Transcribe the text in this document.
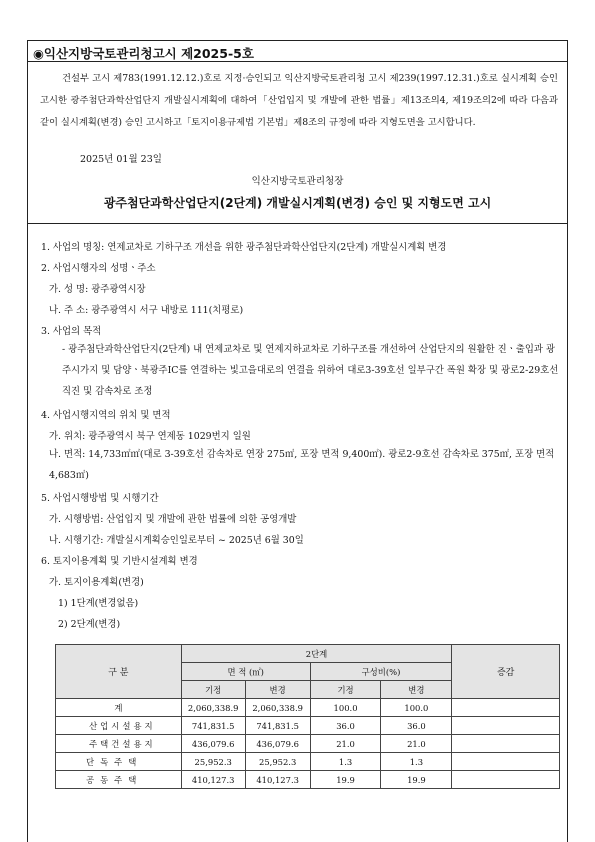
◉익산지방국토관리청고시 제2025-5호
건설부 고시 제783(1991.12.12.)호로 지정·승인되고 익산지방국토관리청 고시 제239(1997.12.31.)호로 실시계획 승인 고시한 광주첨단과학산업단지 개발실시계획에 대하여「산업입지 및 개발에 관한 법률」제13조의4, 제19조의2에 따라 다음과 같이 실시계획(변경) 승인 고시하고「토지이용규제법 기본법」제8조의 규정에 따라 지형도면을 고시합니다.
2025년 01월 23일
익산지방국토관리청장
광주첨단과학산업단지(2단계) 개발실시계획(변경) 승인 및 지형도면 고시
1. 사업의 명칭: 연제교차로 기하구조 개선을 위한 광주첨단과학산업단지(2단계) 개발실시계획 변경
2. 사업시행자의 성명ㆍ주소
가. 성 명: 광주광역시장
나. 주 소: 광주광역시 서구 내방로 111(치평로)
3. 사업의 목적
- 광주첨단과학산업단지(2단계) 내 연제교차로 및 연제지하교차로 기하구조를 개선하여 산업단지의 원활한 진ㆍ출입과 광주시가지 및 담양ㆍ북광주IC를 연결하는 빛고을대로의 연결을 위하여 대로3-39호선 일부구간 폭원 확장 및 광로2-29호선 직진 및 감속차로 조정
4. 사업시행지역의 위치 및 면적
가. 위치: 광주광역시 북구 연제동 1029번지 일원
나. 면적: 14,733㎡㎡(대로 3-39호선 감속차로 연장 275㎡, 포장 면적 9,400㎡). 광로2-9호선 감속차로 375㎡, 포장 면적 4,683㎡)
5. 사업시행방법 및 시행기간
가. 시행방법: 산업입지 및 개발에 관한 법률에 의한 공영개발
나. 시행기간: 개발실시계획승인일로부터 ~ 2025년 6월 30일
6. 토지이용계획 및 기반시설계획 변경
가. 토지이용계획(변경)
1) 1단계(변경없음)
2) 2단계(변경)
구 분	2단계				증감
	면 적 (㎡)		구성비(%)		
	기정	변경	기정	변경	
계	2,060,338.9	2,060,338.9	100.0	100.0	
산업시설용지	741,831.5	741,831.5	36.0	36.0	
주택건설용지	436,079.6	436,079.6	21.0	21.0	
단독주택	25,952.3	25,952.3	1.3	1.3	
공동주택	410,127.3	410,127.3	19.9	19.9	
